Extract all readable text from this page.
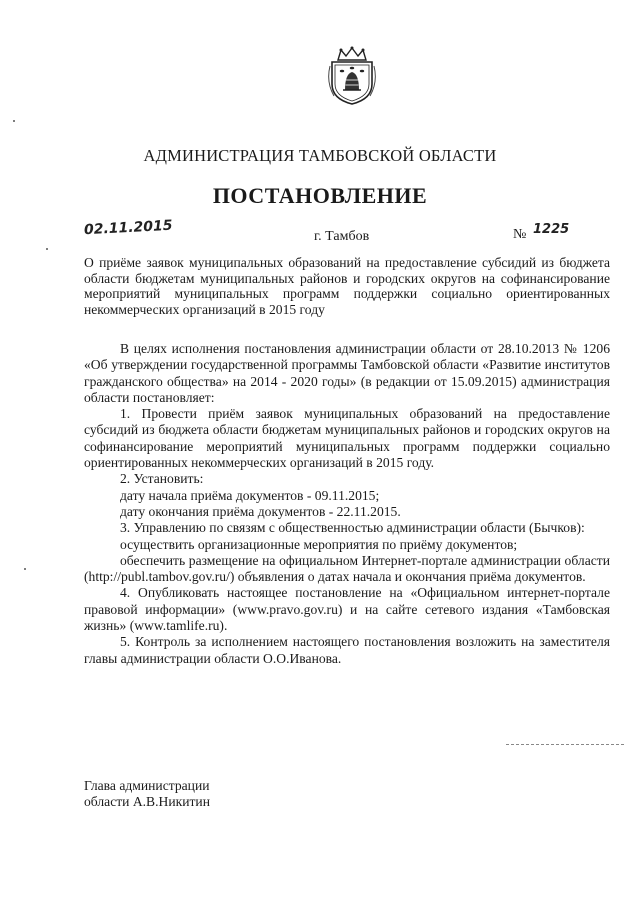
АДМИНИСТРАЦИЯ ТАМБОВСКОЙ ОБЛАСТИ
ПОСТАНОВЛЕНИЕ
02.11.2015	г. Тамбов	№ 1225
О приёме заявок муниципальных образований на предоставление субсидий из бюджета области бюджетам муниципальных районов и городских округов на софинансирование мероприятий муниципальных программ поддержки социально ориентированных некоммерческих организаций в 2015 году

В целях исполнения постановления администрации области от 28.10.2013 № 1206 «Об утверждении государственной программы Тамбовской области «Развитие институтов гражданского общества» на 2014 - 2020 годы» (в редакции от 15.09.2015) администрация области постановляет:

1. Провести приём заявок муниципальных образований на предоставление субсидий из бюджета области бюджетам муниципальных районов и городских округов на софинансирование мероприятий муниципальных программ поддержки социально ориентированных некоммерческих организаций в 2015 году.

2. Установить:

дату начала приёма документов - 09.11.2015;

дату окончания приёма документов - 22.11.2015.

3. Управлению по связям с общественностью администрации области (Бычков):

осуществить организационные мероприятия по приёму документов;

обеспечить размещение на официальном Интернет-портале администрации области (http://publ.tambov.gov.ru/) объявления о датах начала и окончания приёма документов.

4. Опубликовать настоящее постановление на «Официальном интернет-портале правовой информации» (www.pravo.gov.ru) и на сайте сетевого издания «Тамбовская жизнь» (www.tamlife.ru).

5. Контроль за исполнением настоящего постановления возложить на заместителя главы администрации области О.О.Иванова.

Глава администрации
области А.В.Никитин
